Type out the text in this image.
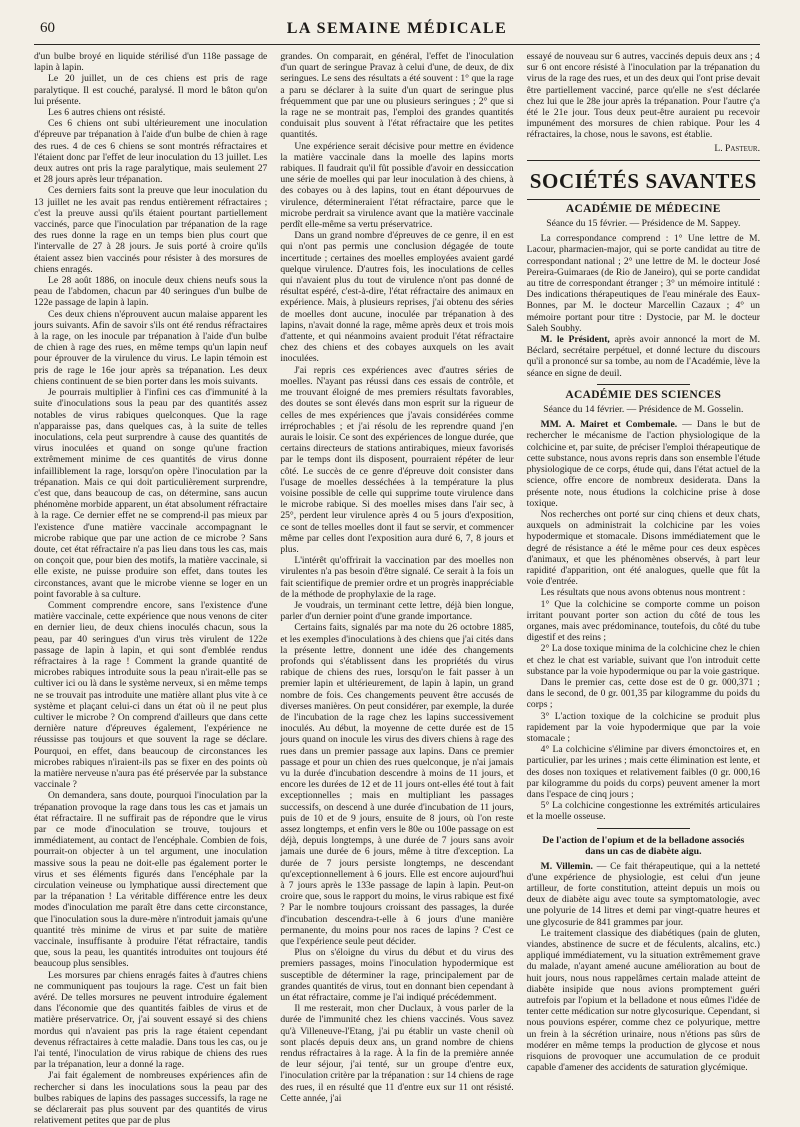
60	LA SEMAINE MÉDICALE

d'un bulbe broyé en liquide stérilisé d'un 118e passage de lapin à lapin.

Le 20 juillet, un de ces chiens est pris de rage paralytique. Il est couché, paralysé. Il mord le bâton qu'on lui présente.

Les 6 autres chiens ont résisté.

Ces 6 chiens ont subi ultérieurement une inoculation d'épreuve par trépanation à l'aide d'un bulbe de chien à rage des rues. 4 de ces 6 chiens se sont montrés réfractaires et l'étaient donc par l'effet de leur inoculation du 13 juillet. Les deux autres ont pris la rage paralytique, mais seulement 27 et 28 jours après leur trépanation.

Ces derniers faits sont la preuve que leur inoculation du 13 juillet ne les avait pas rendus entièrement réfractaires ; c'est la preuve aussi qu'ils étaient pourtant partiellement vaccinés, parce que l'inoculation par trépanation de la rage des rues donne la rage en un temps bien plus court que l'intervalle de 27 à 28 jours. Je suis porté à croire qu'ils étaient assez bien vaccinés pour résister à des morsures de chiens enragés.

Le 28 août 1886, on inocule deux chiens neufs sous la peau de l'abdomen, chacun par 40 seringues d'un bulbe de 122e passage de lapin à lapin.

Ces deux chiens n'éprouvent aucun malaise apparent les jours suivants. Afin de savoir s'ils ont été rendus réfractaires à la rage, on les inocule par trépanation à l'aide d'un bulbe de chien à rage des rues, en même temps qu'un lapin neuf pour éprouver de la virulence du virus. Le lapin témoin est pris de rage le 16e jour après sa trépanation. Les deux chiens continuent de se bien porter dans les mois suivants.

Je pourrais multiplier à l'infini ces cas d'immunité à la suite d'inoculations sous la peau par des quantités assez notables de virus rabiques quelconques. Que la rage n'apparaisse pas, dans quelques cas, à la suite de telles inoculations, cela peut surprendre à cause des quantités de virus inoculées et quand on songe qu'une fraction extrêmement minime de ces quantités de virus donne infailliblement la rage, lorsqu'on opère l'inoculation par la trépanation. Mais ce qui doit particulièrement surprendre, c'est que, dans beaucoup de cas, on détermine, sans aucun phénomène morbide apparent, un état absolument réfractaire à la rage. Ce dernier effet ne se comprend-il pas mieux par l'existence d'une matière vaccinale accompagnant le microbe rabique que par une action de ce microbe ? Sans doute, cet état réfractaire n'a pas lieu dans tous les cas, mais on conçoit que, pour bien des motifs, la matière vaccinale, si elle existe, ne puisse produire son effet, dans toutes les circonstances, avant que le microbe vienne se loger en un point favorable à sa culture.

Comment comprendre encore, sans l'existence d'une matière vaccinale, cette expérience que nous venons de citer en dernier lieu, de deux chiens inoculés chacun, sous la peau, par 40 seringues d'un virus très virulent de 122e passage de lapin à lapin, et qui sont d'emblée rendus réfractaires à la rage ! Comment la grande quantité de microbes rabiques introduite sous la peau n'irait-elle pas se cultiver ici ou là dans le système nerveux, si en même temps ne se trouvait pas introduite une matière allant plus vite à ce système et plaçant celui-ci dans un état où il ne peut plus cultiver le microbe ? On comprend d'ailleurs que dans cette dernière nature d'épreuves également, l'expérience ne réussisse pas toujours et que souvent la rage se déclare. Pourquoi, en effet, dans beaucoup de circonstances les microbes rabiques n'iraient-ils pas se fixer en des points où la matière nerveuse n'aura pas été préservée par la substance vaccinale ?

On demandera, sans doute, pourquoi l'inoculation par la trépanation provoque la rage dans tous les cas et jamais un état réfractaire. Il ne suffirait pas de répondre que le virus par ce mode d'inoculation se trouve, toujours et immédiatement, au contact de l'encéphale. Combien de fois, pourrait-on objecter à un tel argument, une inoculation massive sous la peau ne doit-elle pas également porter le virus et ses éléments figurés dans l'encéphale par la circulation veineuse ou lymphatique aussi directement que par la trépanation ! La véritable différence entre les deux modes d'inoculation me paraît être dans cette circonstance, que l'inoculation sous la dure-mère n'introduit jamais qu'une quantité très minime de virus et par suite de matière vaccinale, insuffisante à produire l'état réfractaire, tandis que, sous la peau, les quantités introduites ont toujours été beaucoup plus sensibles.

Les morsures par chiens enragés faites à d'autres chiens ne communiquent pas toujours la rage. C'est un fait bien avéré. De telles morsures ne peuvent introduire également dans l'économie que des quantités faibles de virus et de matière préservatrice. Or, j'ai souvent essayé si des chiens mordus qui n'avaient pas pris la rage étaient cependant devenus réfractaires à cette maladie. Dans tous les cas, ou je l'ai tenté, l'inoculation de virus rabique de chiens des rues par la trépanation, leur a donné la rage.

J'ai fait également de nombreuses expériences afin de rechercher si dans les inoculations sous la peau par des bulbes rabiques de lapins des passages successifs, la rage ne se déclarerait pas plus souvent par des quantités de virus relativement petites que par de plus

grandes. On comparait, en général, l'effet de l'inoculation d'un quart de seringue Pravaz à celui d'une, de deux, de dix seringues. Le sens des résultats a été souvent : 1° que la rage a paru se déclarer à la suite d'un quart de seringue plus fréquemment que par une ou plusieurs seringues ; 2° que si la rage ne se montrait pas, l'emploi des grandes quantités conduisait plus souvent à l'état réfractaire que les petites quantités.

Une expérience serait décisive pour mettre en évidence la matière vaccinale dans la moelle des lapins morts rabiques. Il faudrait qu'il fût possible d'avoir en dessiccation une série de moelles qui par leur inoculation à des chiens, à des cobayes ou à des lapins, tout en étant dépourvues de virulence, détermineraient l'état réfractaire, parce que le microbe perdrait sa virulence avant que la matière vaccinale perdît elle-même sa vertu préservatrice.

Dans un grand nombre d'épreuves de ce genre, il en est qui n'ont pas permis une conclusion dégagée de toute incertitude ; certaines des moelles employées avaient gardé quelque virulence. D'autres fois, les inoculations de celles qui n'avaient plus du tout de virulence n'ont pas donné de résultat espéré, c'est-à-dire, l'état réfractaire des animaux en expérience. Mais, à plusieurs reprises, j'ai obtenu des séries de moelles dont aucune, inoculée par trépanation à des lapins, n'avait donné la rage, même après deux et trois mois d'attente, et qui néanmoins avaient produit l'état réfractaire chez des chiens et des cobayes auxquels on les avait inoculées.

J'ai repris ces expériences avec d'autres séries de moelles. N'ayant pas réussi dans ces essais de contrôle, et me trouvant éloigné de mes premiers résultats favorables, des doutes se sont élevés dans mon esprit sur la rigueur de celles de mes expériences que j'avais considérées comme irréprochables ; et j'ai résolu de les reprendre quand j'en aurais le loisir. Ce sont des expériences de longue durée, que certains directeurs de stations antirabiques, mieux favorisés par le temps dont ils disposent, pourraient répéter de leur côté. Le succès de ce genre d'épreuve doit consister dans l'usage de moelles desséchées à la température la plus voisine possible de celle qui supprime toute virulence dans le microbe rabique. Si des moelles mises dans l'air sec, à 25°, perdent leur virulence après 4 ou 5 jours d'exposition, ce sont de telles moelles dont il faut se servir, et commencer même par celles dont l'exposition aura duré 6, 7, 8 jours et plus.

L'intérêt qu'offrirait la vaccination par des moelles non virulentes n'a pas besoin d'être signalé. Ce serait à la fois un fait scientifique de premier ordre et un progrès inappréciable de la méthode de prophylaxie de la rage.

Je voudrais, un terminant cette lettre, déjà bien longue, parler d'un dernier point d'une grande importance.

Certains faits, signalés par ma note du 26 octobre 1885, et les exemples d'inoculations à des chiens que j'ai cités dans la présente lettre, donnent une idée des changements profonds qui s'établissent dans les propriétés du virus rabique de chiens des rues, lorsqu'on le fait passer à un premier lapin et ultérieurement, de lapin à lapin, un grand nombre de fois. Ces changements peuvent être accusés de diverses manières. On peut considérer, par exemple, la durée de l'incubation de la rage chez les lapins successivement inoculés. Au début, la moyenne de cette durée est de 15 jours quand on inocule les virus des divers chiens à rage des rues dans un premier passage aux lapins. Dans ce premier passage et pour un chien des rues quelconque, je n'ai jamais vu la durée d'incubation descendre à moins de 11 jours, et encore les durées de 12 et de 11 jours ont-elles été tout à fait exceptionnelles ; mais en multipliant les passages successifs, on descend à une durée d'incubation de 11 jours, puis de 10 et de 9 jours, ensuite de 8 jours, où l'on reste assez longtemps, et enfin vers le 80e ou 100e passage on est déjà, depuis longtemps, à une durée de 7 jours sans avoir jamais une durée de 6 jours, même à titre d'exception. La durée de 7 jours persiste longtemps, ne descendant qu'exceptionnellement à 6 jours. Elle est encore aujourd'hui à 7 jours après le 133e passage de lapin à lapin. Peut-on croire que, sous le rapport du moins, le virus rabique est fixé ? Par le nombre toujours croissant des passages, la durée d'incubation descendra-t-elle à 6 jours d'une manière permanente, du moins pour nos races de lapins ? C'est ce que l'expérience seule peut décider.

Plus on s'éloigne du virus du début et du virus des premiers passages, moins l'inoculation hypodermique est susceptible de déterminer la rage, principalement par de grandes quantités de virus, tout en donnant bien cependant à un état réfractaire, comme je l'ai indiqué précédemment.

Il me resterait, mon cher Duclaux, à vous parler de la durée de l'immunité chez les chiens vaccinés. Vous savez qu'à Villeneuve-l'Etang, j'ai pu établir un vaste chenil où sont placés depuis deux ans, un grand nombre de chiens rendus réfractaires à la rage. À la fin de la première année de leur séjour, j'ai tenté, sur un groupe d'entre eux, l'inoculation critère par la trépanation : sur 14 chiens de rage des rues, il en résulté que 11 d'entre eux sur 11 ont résisté. Cette année, j'ai

essayé de nouveau sur 6 autres, vaccinés depuis deux ans ; 4 sur 6 ont encore résisté à l'inoculation par la trépanation du virus de la rage des rues, et un des deux qui l'ont prise devait être partiellement vacciné, parce qu'elle ne s'est déclarée chez lui que le 28e jour après la trépanation. Pour l'autre ç'a été le 21e jour. Tous deux peut-être auraient pu recevoir impunément des morsures de chien rabique. Pour les 4 réfractaires, la chose, nous le savons, est établie.

L. Pasteur.
SOCIÉTÉS SAVANTES
ACADÉMIE DE MÉDECINE
Séance du 15 février. — Présidence de M. Sappey.

La correspondance comprend : 1° Une lettre de M. Lacour, pharmacien-major, qui se porte candidat au titre de correspondant national ; 2° une lettre de M. le docteur José Pereira-Guimaraes (de Rio de Janeiro), qui se porte candidat au titre de correspondant étranger ; 3° un mémoire intitulé : Des indications thérapeutiques de l'eau minérale des Eaux-Bonnes, par M. le docteur Marcellin Cazaux ; 4° un mémoire portant pour titre : Dystocie, par M. le docteur Saleh Soubhy.

M. le Président, après avoir annoncé la mort de M. Béclard, secrétaire perpétuel, et donné lecture du discours qu'il a prononcé sur sa tombe, au nom de l'Académie, lève la séance en signe de deuil.

ACADÉMIE DES SCIENCES
Séance du 14 février. — Présidence de M. Gosselin.

MM. A. Mairet et Combemale. — Dans le but de rechercher le mécanisme de l'action physiologique de la colchicine et, par suite, de préciser l'emploi thérapeutique de cette substance, nous avons repris dans son ensemble l'étude physiologique de ce corps, étude qui, dans l'état actuel de la science, offre encore de nombreux desiderata. Dans la présente note, nous étudions la colchicine prise à dose toxique.

Nos recherches ont porté sur cinq chiens et deux chats, auxquels on administrait la colchicine par les voies hypodermique et stomacale. Disons immédiatement que le degré de résistance a été le même pour ces deux espèces d'animaux, et que les phénomènes observés, à part leur rapidité d'apparition, ont été analogues, quelle que fût la voie d'entrée.

Les résultats que nous avons obtenus nous montrent :

1° Que la colchicine se comporte comme un poison irritant pouvant porter son action du côté de tous les organes, mais avec prédominance, toutefois, du côté du tube digestif et des reins ;

2° La dose toxique minima de la colchicine chez le chien et chez le chat est variable, suivant que l'on introduit cette substance par la voie hypodermique ou par la voie gastrique.

Dans le premier cas, cette dose est de 0 gr. 000,371 ; dans le second, de 0 gr. 001,35 par kilogramme du poids du corps ;

3° L'action toxique de la colchicine se produit plus rapidement par la voie hypodermique que par la voie stomacale ;

4° La colchicine s'élimine par divers émonctoires et, en particulier, par les urines ; mais cette élimination est lente, et des doses non toxiques et relativement faibles (0 gr. 000,16 par kilogramme du poids du corps) peuvent amener la mort dans l'espace de cinq jours ;

5° La colchicine congestionne les extrémités articulaires et la moelle osseuse.

De l'action de l'opium et de la belladone associés dans un cas de diabète aigu.

M. Villemin. — Ce fait thérapeutique, qui a la netteté d'une expérience de physiologie, est celui d'un jeune artilleur, de forte constitution, atteint depuis un mois ou deux de diabète aigu avec toute sa symptomatologie, avec une polyurie de 14 litres et demi par vingt-quatre heures et une glycosurie de 841 grammes par jour.

Le traitement classique des diabétiques (pain de gluten, viandes, abstinence de sucre et de féculents, alcalins, etc.) appliqué immédiatement, vu la situation extrêmement grave du malade, n'ayant amené aucune amélioration au bout de huit jours, nous nous rappelâmes certain malade atteint de diabète insipide que nous avions promptement guéri autrefois par l'opium et la belladone et nous eûmes l'idée de tenter cette médication sur notre glycosurique. Cependant, si nous pouvions espérer, comme chez ce polyurique, mettre un frein à la sécrétion urinaire, nous n'étions pas sûrs de modérer en même temps la production de glycose et nous risquions de provoquer une accumulation de ce produit capable d'amener des accidents de saturation glycémique.
